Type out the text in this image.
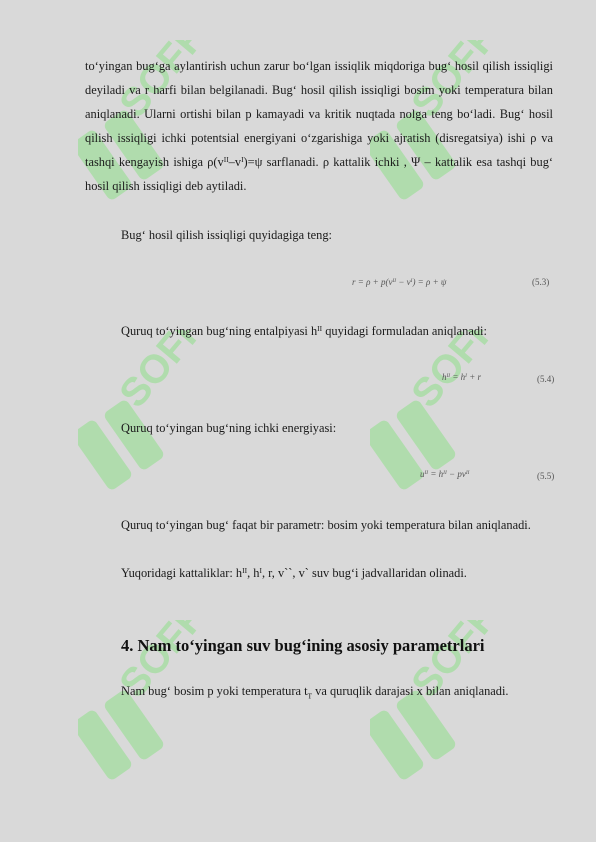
SOFF	SOFF
SOFF	SOFF
SOFF	SOFF

to‘yingan bug‘ga aylantirish uchun zarur bo‘lgan issiqlik miqdoriga bug‘ hosil qilish issiqligi deyiladi va r harfi bilan belgilanadi. Bug‘ hosil qilish issiqligi bosim yoki temperatura bilan aniqlanadi. Ularni ortishi bilan p kamayadi va kritik nuqtada nolga teng bo‘ladi. Bug‘ hosil qilish issiqligi ichki potentsial energiyani o‘zgarishiga yoki ajratish (disregatsiya) ishi ρ va tashqi kengayish ishiga $\rho(v^{II}-v^I)=\psi$ sarflanadi. ρ kattalik ichki , Ψ – kattalik esa tashqi bug‘ hosil qilish issiqligi deb aytiladi.

Bug‘ hosil qilish issiqligi quyidagiga teng:

$r = \rho + p(v^{II} - v^I) = \rho + \psi$	(5.3)

Quruq to‘yingan bug‘ning entalpiyasi $h^{II}$ quyidagi formuladan aniqlanadi:

$h^{II} = h^I + r$	(5.4)

Quruq to‘yingan bug‘ning ichki energiyasi:

$u^{II} = h^{II} - pv^{II}$	(5.5)

Quruq to‘yingan bug‘ faqat bir parametr: bosim yoki temperatura bilan aniqlanadi.

Yuqoridagi kattaliklar: $h^{II}$, $h^I$, r, v``, v` suv bug‘i jadvallaridan olinadi.

4. Nam to‘yingan suv bug‘ining asosiy parametrlari

Nam bug‘ bosim p yoki temperatura $t_T$ va quruqlik darajasi x bilan aniqlanadi.
